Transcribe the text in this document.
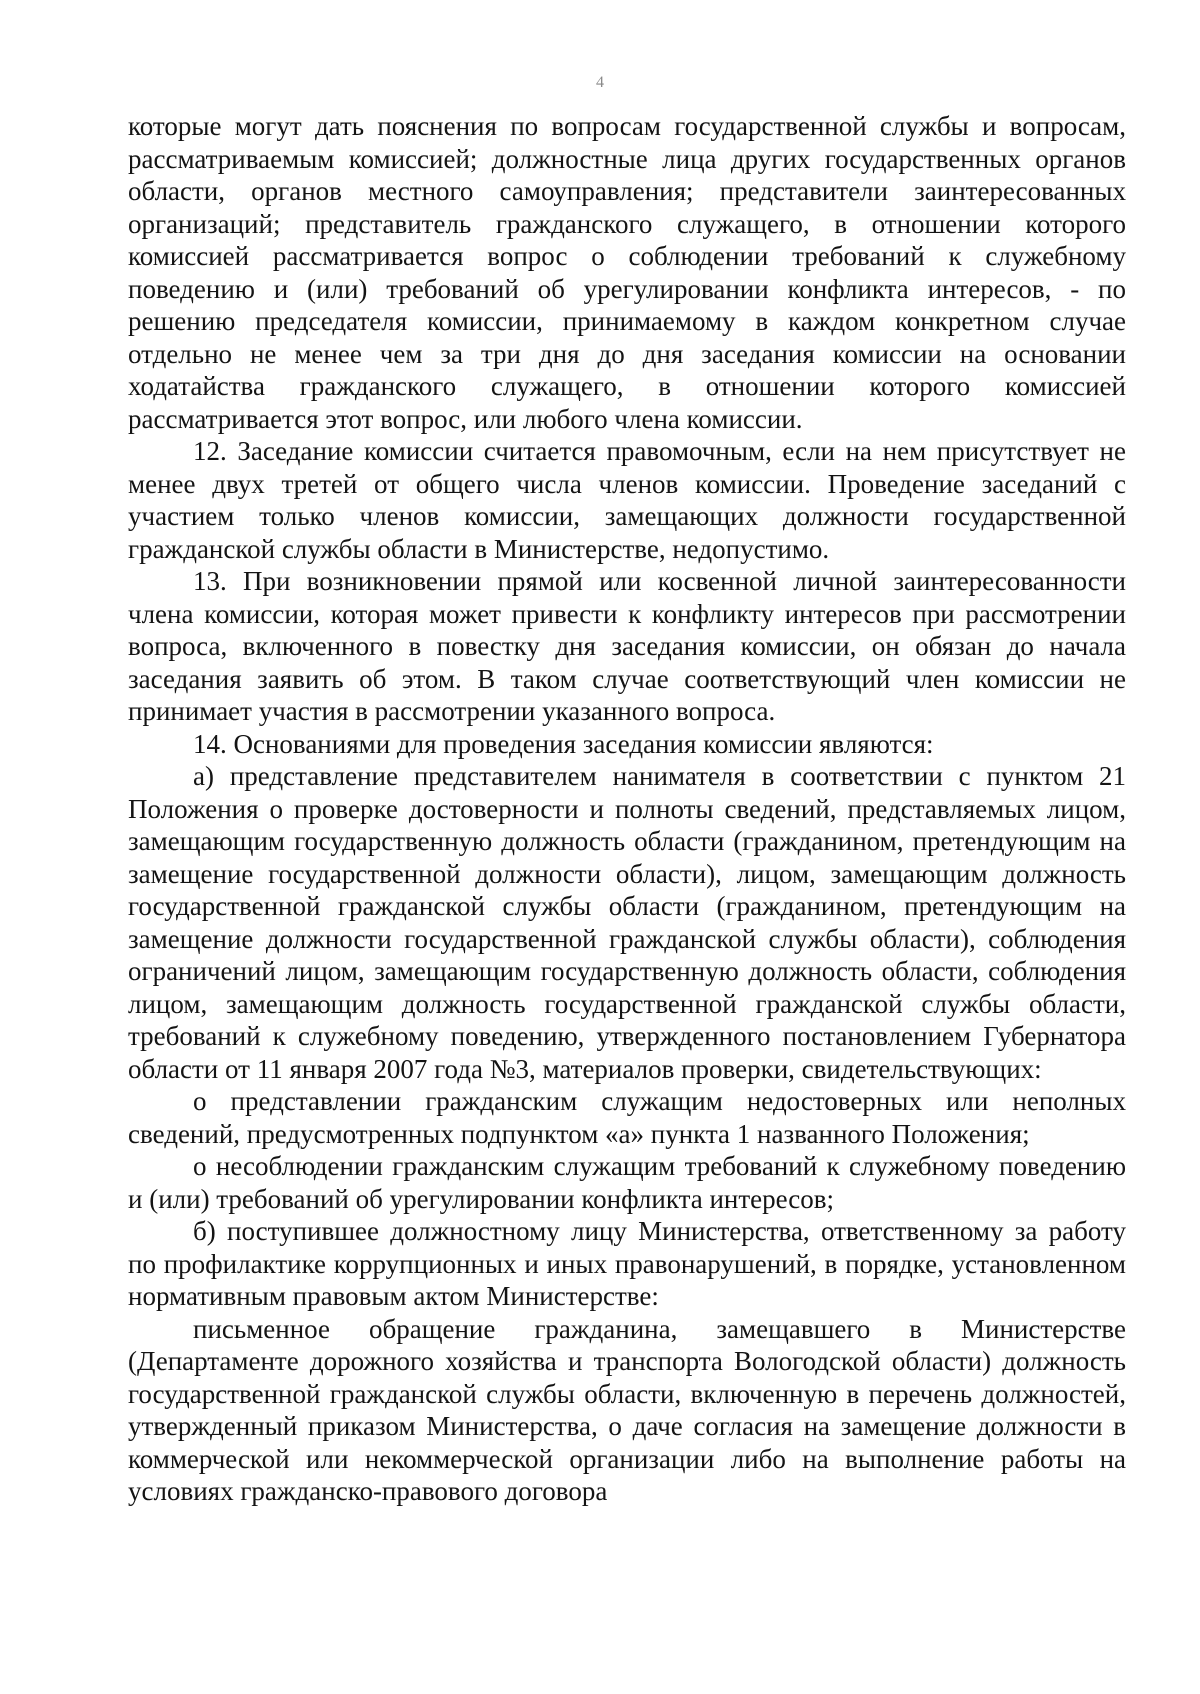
4

которые могут дать пояснения по вопросам государственной службы и вопросам, рассматриваемым комиссией; должностные лица других государственных органов области, органов местного самоуправления; представители заинтересованных организаций; представитель гражданского служащего, в отношении которого комиссией рассматривается вопрос о соблюдении требований к служебному поведению и (или) требований об урегулировании конфликта интересов, - по решению председателя комиссии, принимаемому в каждом конкретном случае отдельно не менее чем за три дня до дня заседания комиссии на основании ходатайства гражданского служащего, в отношении которого комиссией рассматривается этот вопрос, или любого члена комиссии.

12. Заседание комиссии считается правомочным, если на нем присутствует не менее двух третей от общего числа членов комиссии. Проведение заседаний с участием только членов комиссии, замещающих должности государственной гражданской службы области в Министерстве, недопустимо.

13. При возникновении прямой или косвенной личной заинтересованности члена комиссии, которая может привести к конфликту интересов при рассмотрении вопроса, включенного в повестку дня заседания комиссии, он обязан до начала заседания заявить об этом. В таком случае соответствующий член комиссии не принимает участия в рассмотрении указанного вопроса.

14. Основаниями для проведения заседания комиссии являются:

а) представление представителем нанимателя в соответствии с пунктом 21 Положения о проверке достоверности и полноты сведений, представляемых лицом, замещающим государственную должность области (гражданином, претендующим на замещение государственной должности области), лицом, замещающим должность государственной гражданской службы области (гражданином, претендующим на замещение должности государственной гражданской службы области), соблюдения ограничений лицом, замещающим государственную должность области, соблюдения лицом, замещающим должность государственной гражданской службы области, требований к служебному поведению, утвержденного постановлением Губернатора области от 11 января 2007 года №3, материалов проверки, свидетельствующих:

о представлении гражданским служащим недостоверных или неполных сведений, предусмотренных подпунктом «а» пункта 1 названного Положения;

о несоблюдении гражданским служащим требований к служебному поведению и (или) требований об урегулировании конфликта интересов;

б) поступившее должностному лицу Министерства, ответственному за работу по профилактике коррупционных и иных правонарушений, в порядке, установленном нормативным правовым актом Министерстве:

письменное обращение гражданина, замещавшего в Министерстве (Департаменте дорожного хозяйства и транспорта Вологодской области) должность государственной гражданской службы области, включенную в перечень должностей, утвержденный приказом Министерства, о даче согласия на замещение должности в коммерческой или некоммерческой организации либо на выполнение работы на условиях гражданско-правового договора
